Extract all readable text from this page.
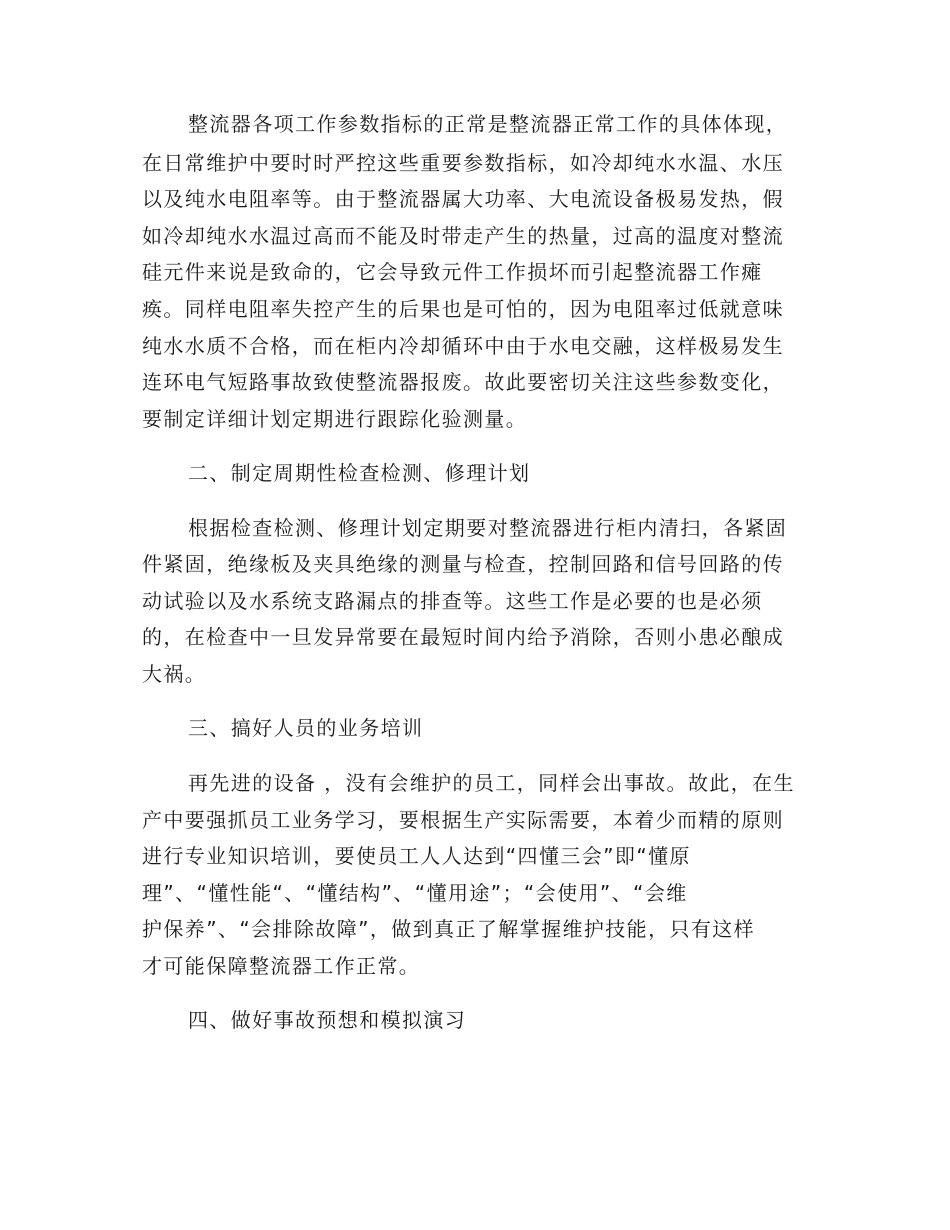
整流器各项工作参数指标的正常是整流器正常工作的具体体现，
在日常维护中要时时严控这些重要参数指标，如冷却纯水水温、水压
以及纯水电阻率等。由于整流器属大功率、大电流设备极易发热，假
如冷却纯水水温过高而不能及时带走产生的热量，过高的温度对整流
硅元件来说是致命的，它会导致元件工作损坏而引起整流器工作瘫
痪。同样电阻率失控产生的后果也是可怕的，因为电阻率过低就意味
纯水水质不合格，而在柜内冷却循环中由于水电交融，这样极易发生
连环电气短路事故致使整流器报废。故此要密切关注这些参数变化，
要制定详细计划定期进行跟踪化验测量。
二、制定周期性检查检测、修理计划
根据检查检测、修理计划定期要对整流器进行柜内清扫，各紧固
件紧固，绝缘板及夹具绝缘的测量与检查，控制回路和信号回路的传
动试验以及水系统支路漏点的排查等。这些工作是必要的也是必须
的，在检查中一旦发异常要在最短时间内给予消除，否则小患必酿成
大祸。
三、搞好人员的业务培训
再先进的设备 ，没有会维护的员工，同样会出事故。故此，在生
产中要强抓员工业务学习，要根据生产实际需要，本着少而精的原则
进行专业知识培训，要使员工人人达到“四懂三会”即“懂原
理”、“懂性能“、“懂结构”、“懂用途”；“会使用”、“会维
护保养”、“会排除故障”，做到真正了解掌握维护技能，只有这样
才可能保障整流器工作正常。
四、做好事故预想和模拟演习
